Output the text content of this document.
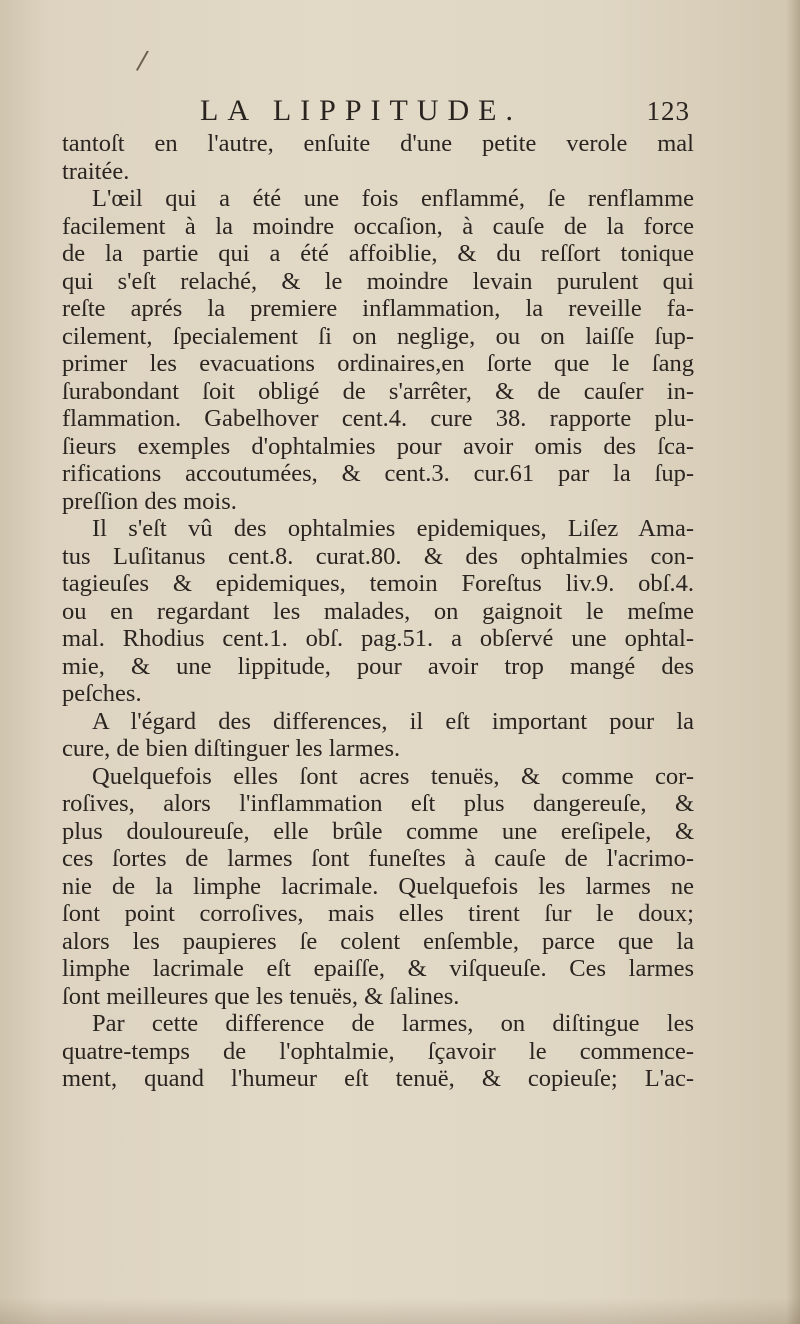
/
LA LIPPITUDE.	123
tantoſt en l'autre, enſuite d'une petite verole mal
traitée.
L'œil qui a été une fois enflammé, ſe renflamme
facilement à la moindre occaſion, à cauſe de la force
de la partie qui a été affoiblie, & du reſſort tonique
qui s'eſt relaché, & le moindre levain purulent qui
reſte aprés la premiere inflammation, la reveille fa-
cilement, ſpecialement ſi on neglige, ou on laiſſe ſup-
primer les evacuations ordinaires,en ſorte que le ſang
ſurabondant ſoit obligé de s'arrêter, & de cauſer in-
flammation. Gabelhover cent.4. cure 38. rapporte plu-
ſieurs exemples d'ophtalmies pour avoir omis des ſca-
rifications accoutumées, & cent.3. cur.61 par la ſup-
preſſion des mois.
Il s'eſt vû des ophtalmies epidemiques, Liſez Ama-
tus Luſitanus cent.8. curat.80. & des ophtalmies con-
tagieuſes & epidemiques, temoin Foreſtus liv.9. obſ.4.
ou en regardant les malades, on gaignoit le meſme
mal. Rhodius cent.1. obſ. pag.51. a obſervé une ophtal-
mie, & une lippitude, pour avoir trop mangé des
peſches.
A l'égard des differences, il eſt important pour la
cure, de bien diſtinguer les larmes.
Quelquefois elles ſont acres tenuës, & comme cor-
roſives, alors l'inflammation eſt plus dangereuſe, &
plus douloureuſe, elle brûle comme une ereſipele, &
ces ſortes de larmes ſont funeſtes à cauſe de l'acrimo-
nie de la limphe lacrimale. Quelquefois les larmes ne
ſont point corroſives, mais elles tirent ſur le doux;
alors les paupieres ſe colent enſemble, parce que la
limphe lacrimale eſt epaiſſe, & viſqueuſe. Ces larmes
ſont meilleures que les tenuës, & ſalines.
Par cette difference de larmes, on diſtingue les
quatre-temps de l'ophtalmie, ſçavoir le commence-
ment, quand l'humeur eſt tenuë, & copieuſe; L'ac-
